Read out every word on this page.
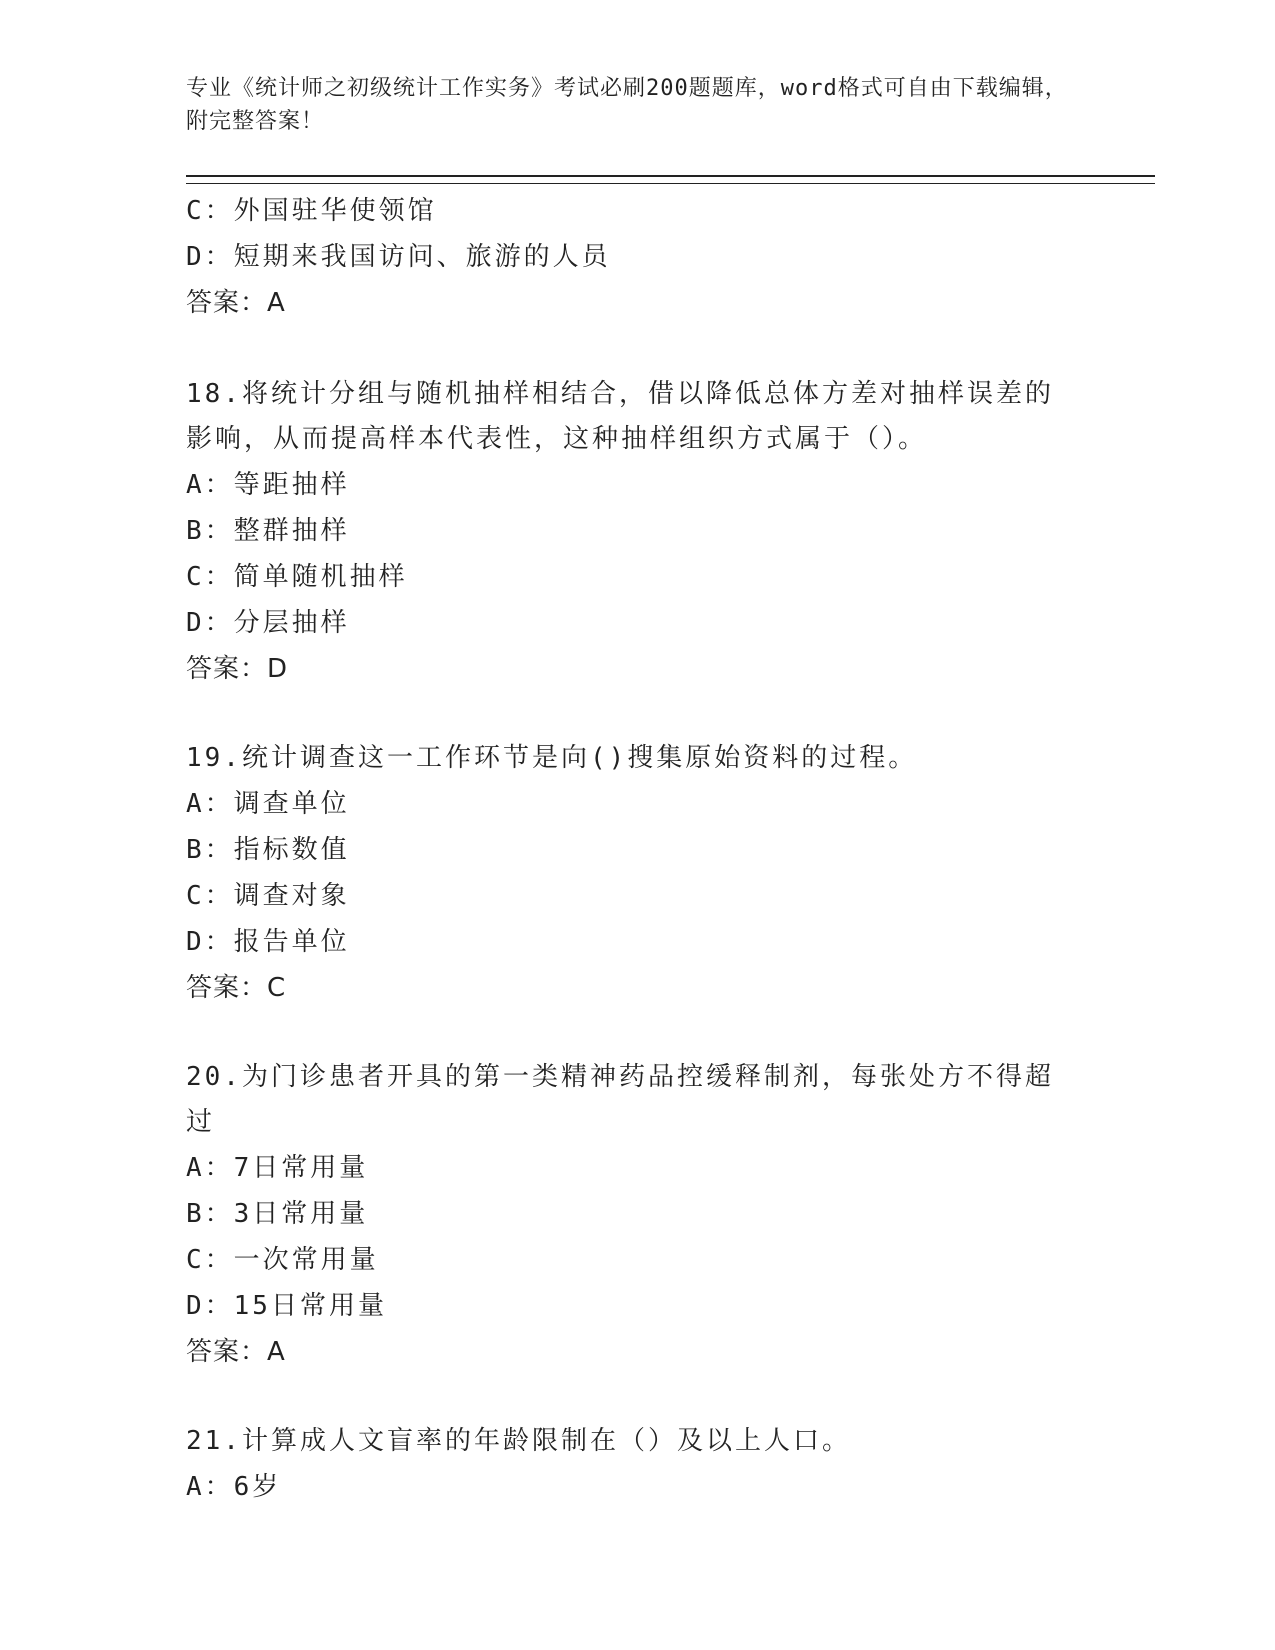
专业《统计师之初级统计工作实务》考试必刷200题题库，word格式可自由下载编辑，附完整答案！
C：外国驻华使领馆
D：短期来我国访问、旅游的人员
答案：A
18.将统计分组与随机抽样相结合，借以降低总体方差对抽样误差的影响，从而提高样本代表性，这种抽样组织方式属于（）。
A：等距抽样
B：整群抽样
C：简单随机抽样
D：分层抽样
答案：D
19.统计调查这一工作环节是向()搜集原始资料的过程。
A：调查单位
B：指标数值
C：调查对象
D：报告单位
答案：C
20.为门诊患者开具的第一类精神药品控缓释制剂，每张处方不得超过
A：7日常用量
B：3日常用量
C：一次常用量
D：15日常用量
答案：A
21.计算成人文盲率的年龄限制在（）及以上人口。
A：6岁
